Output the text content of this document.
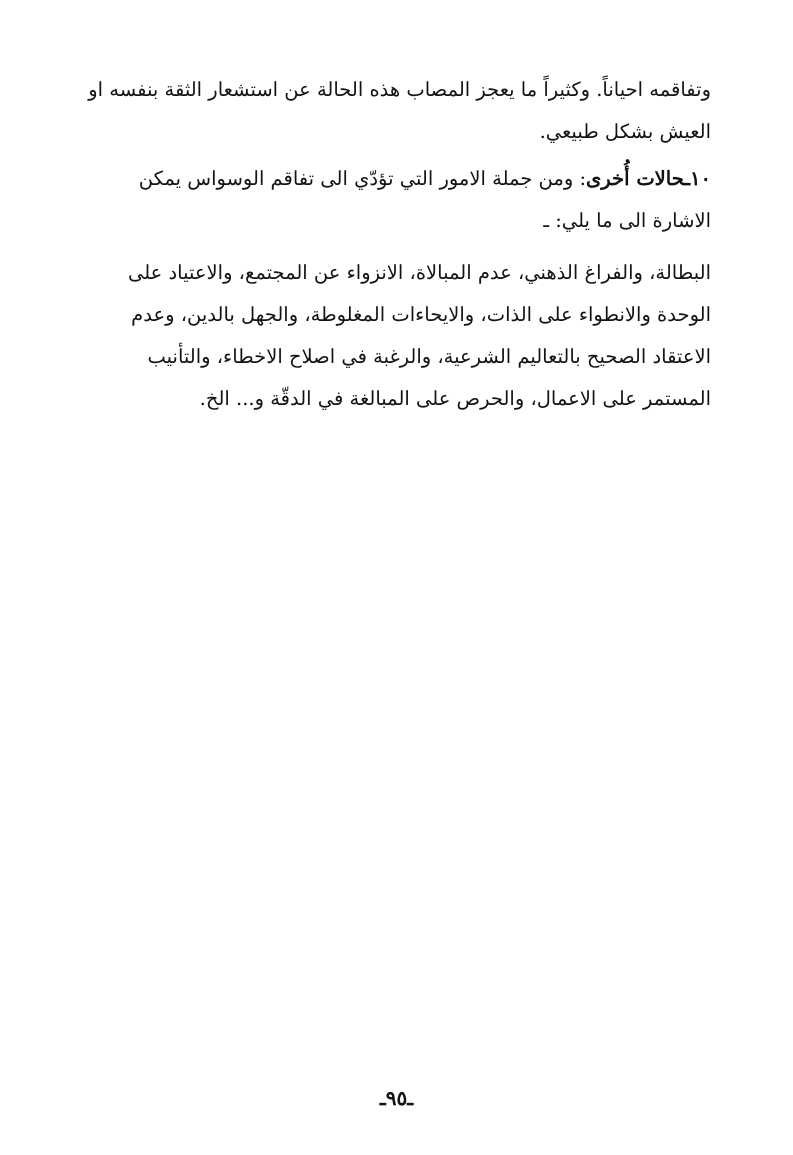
وتفاقمه احياناً. وكثيراً ما يعجز المصاب هذه الحالة عن استشعار الثقة بنفسه او
العيش بشكل طبيعي.
١٠ـحالات أُخرى: ومن جملة الامور التي تؤدّي الى تفاقم الوسواس يمكن
الاشارة الى ما يلي: ـ
البطالة، والفراغ الذهني، عدم المبالاة، الانزواء عن المجتمع، والاعتياد على
الوحدة والانطواء على الذات، والايحاءات المغلوطة، والجهل بالدين، وعدم
الاعتقاد الصحيح بالتعاليم الشرعية، والرغبة في اصلاح الاخطاء، والتأنيب
المستمر على الاعمال، والحرص على المبالغة في الدقّة و... الخ.
ـ٩٥ـ
